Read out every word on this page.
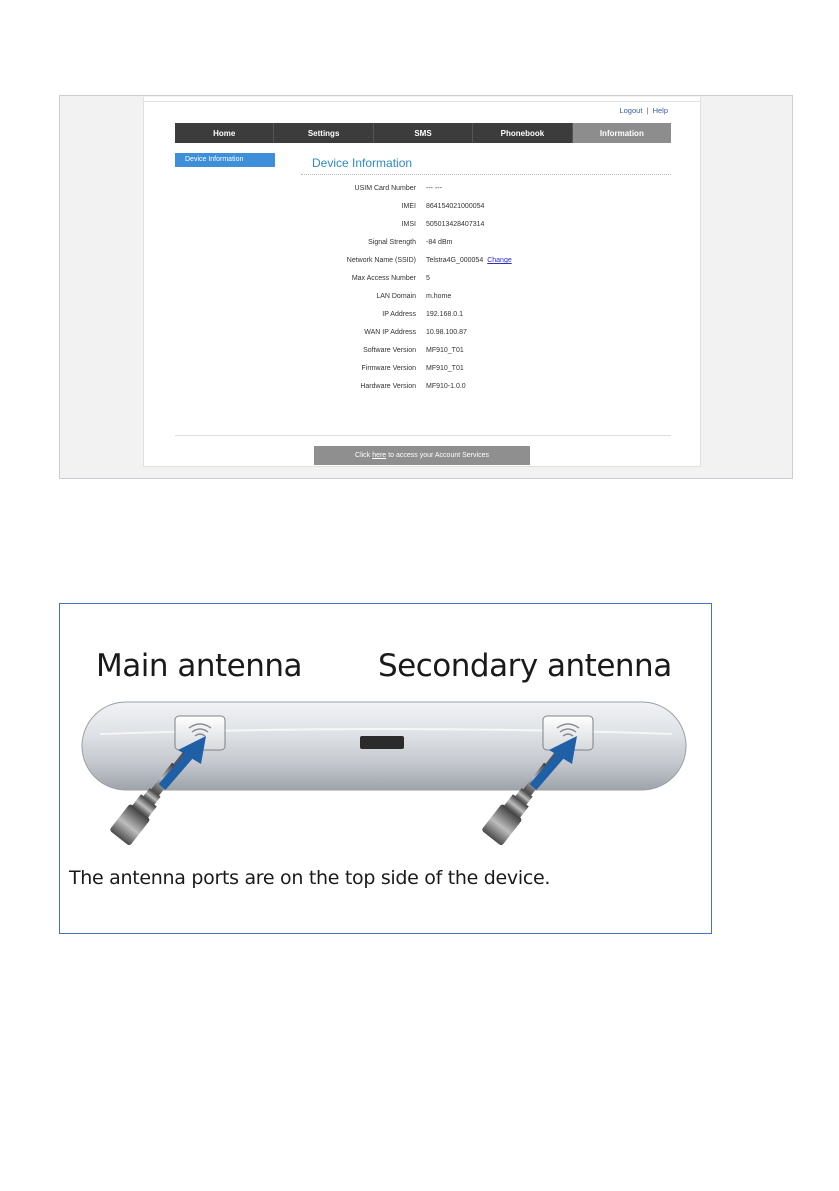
Logout | Help
Home	Settings	SMS	Phonebook	Information
Device Information	Device Information
USIM Card Number --- ---
IMEI 864154021000054
IMSI 505013428407314
Signal Strength -84 dBm
Network Name (SSID) Telstra4G_000054 Change
Max Access Number 5
LAN Domain m.home
IP Address 192.168.0.1
WAN IP Address 10.98.100.87
Software Version MF910_T01
Firmware Version MF910_T01
Hardware Version MF910-1.0.0
Click here to access your Account Services
Main antenna Secondary antenna
The antenna ports are on the top side of the device.
